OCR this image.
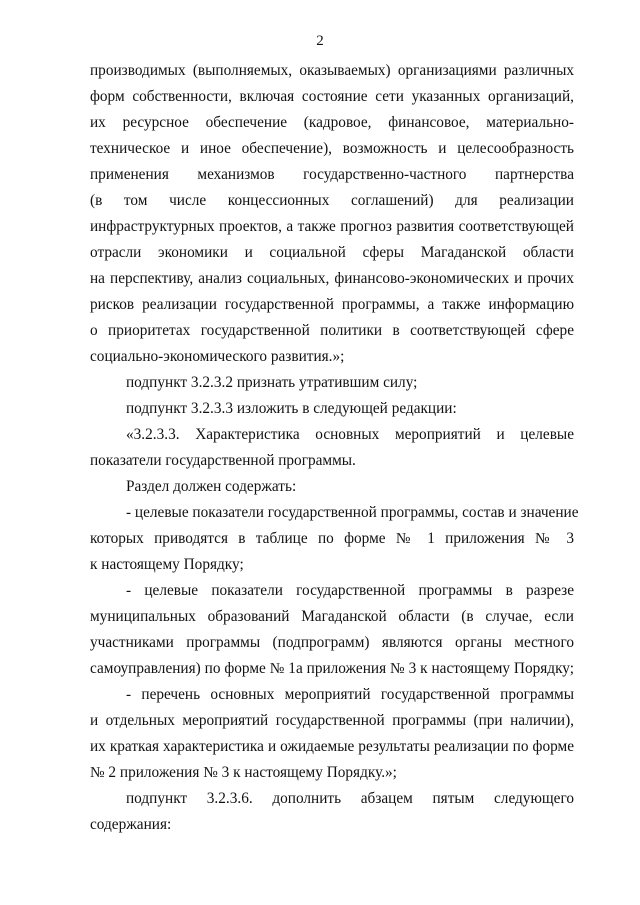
2
производимых (выполняемых, оказываемых) организациями различных
форм собственности, включая состояние сети указанных организаций,
их ресурсное обеспечение (кадровое, финансовое, материально-
техническое и иное обеспечение), возможность и целесообразность
применения механизмов государственно-частного партнерства
(в том числе концессионных соглашений) для реализации
инфраструктурных проектов, а также прогноз развития соответствующей
отрасли экономики и социальной сферы Магаданской области
на перспективу, анализ социальных, финансово-экономических и прочих
рисков реализации государственной программы, а также информацию
о приоритетах государственной политики в соответствующей сфере
социально-экономического развития.»;
подпункт 3.2.3.2 признать утратившим силу;
подпункт 3.2.3.3 изложить в следующей редакции:
«3.2.3.3. Характеристика основных мероприятий и целевые
показатели государственной программы.
Раздел должен содержать:
- целевые показатели государственной программы, состав и значение
которых приводятся в таблице по форме № 1 приложения № 3
к настоящему Порядку;
- целевые показатели государственной программы в разрезе
муниципальных образований Магаданской области (в случае, если
участниками программы (подпрограмм) являются органы местного
самоуправления) по форме № 1а приложения № 3 к настоящему Порядку;
- перечень основных мероприятий государственной программы
и отдельных мероприятий государственной программы (при наличии),
их краткая характеристика и ожидаемые результаты реализации по форме
№ 2 приложения № 3 к настоящему Порядку.»;
подпункт 3.2.3.6. дополнить абзацем пятым следующего
содержания:
